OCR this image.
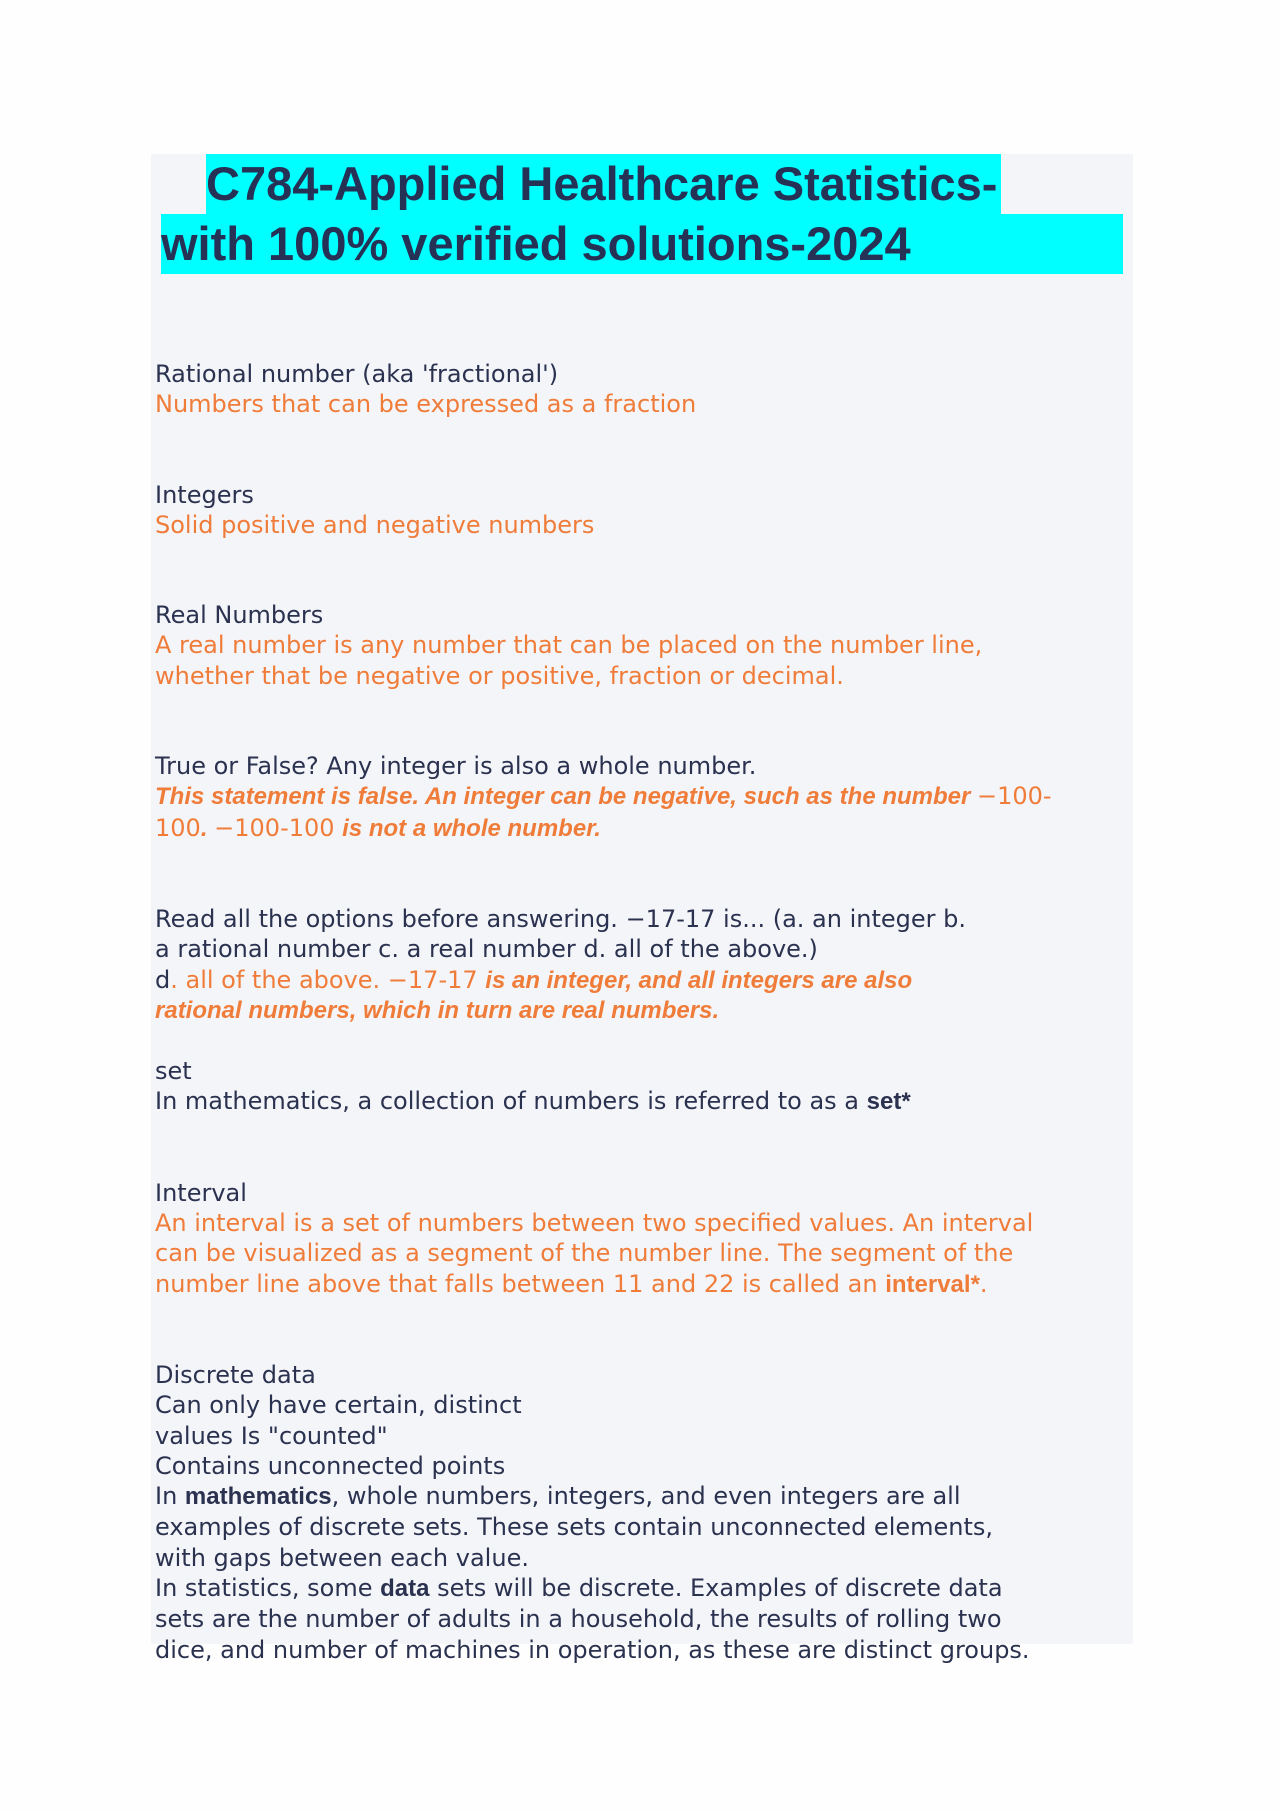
C784-Applied Healthcare Statistics-
with 100% verified solutions-2024

Rational number (aka 'fractional')

Numbers that can be expressed as a fraction

Integers

Solid positive and negative numbers

Real Numbers

A real number is any number that can be placed on the number line,

whether that be negative or positive, fraction or decimal.

True or False? Any integer is also a whole number.

This statement is false. An integer can be negative, such as the number −100-

100. −100-100 is not a whole number.

Read all the options before answering. −17-17 is... (a. an integer b.

a rational number c. a real number d. all of the above.)

d. all of the above. −17-17 is an integer, and all integers are also

rational numbers, which in turn are real numbers.

set

In mathematics, a collection of numbers is referred to as a set*

Interval

An interval is a set of numbers between two specified values. An interval

can be visualized as a segment of the number line. The segment of the

number line above that falls between 11 and 22 is called an interval*.

Discrete data

Can only have certain, distinct

values Is "counted"

Contains unconnected points

In mathematics, whole numbers, integers, and even integers are all

examples of discrete sets. These sets contain unconnected elements,

with gaps between each value.

In statistics, some data sets will be discrete. Examples of discrete data

sets are the number of adults in a household, the results of rolling two

dice, and number of machines in operation, as these are distinct groups.
